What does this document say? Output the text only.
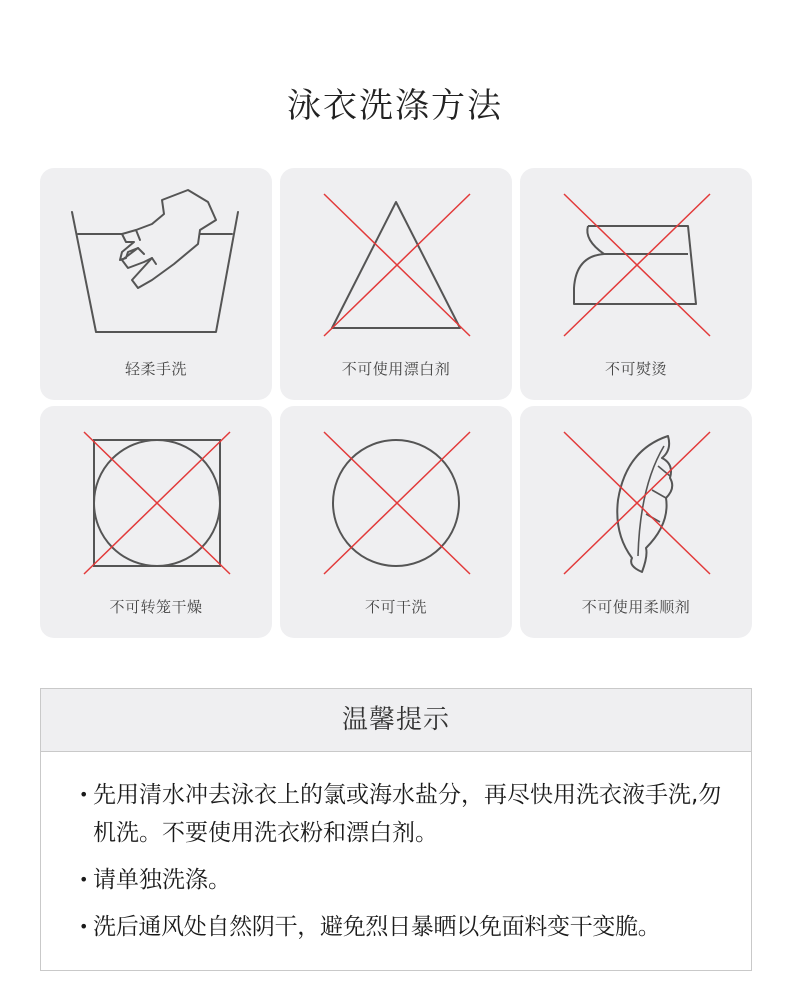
泳衣洗涤方法
轻柔手洗	不可使用漂白剂	不可熨烫
不可转笼干燥	不可干洗	不可使用柔顺剂
温馨提示
• 先用清水冲去泳衣上的氯或海水盐分，再尽快用洗衣液手洗,勿机洗。不要使用洗衣粉和漂白剂。
• 请单独洗涤。
• 洗后通风处自然阴干，避免烈日暴晒以免面料变干变脆。
